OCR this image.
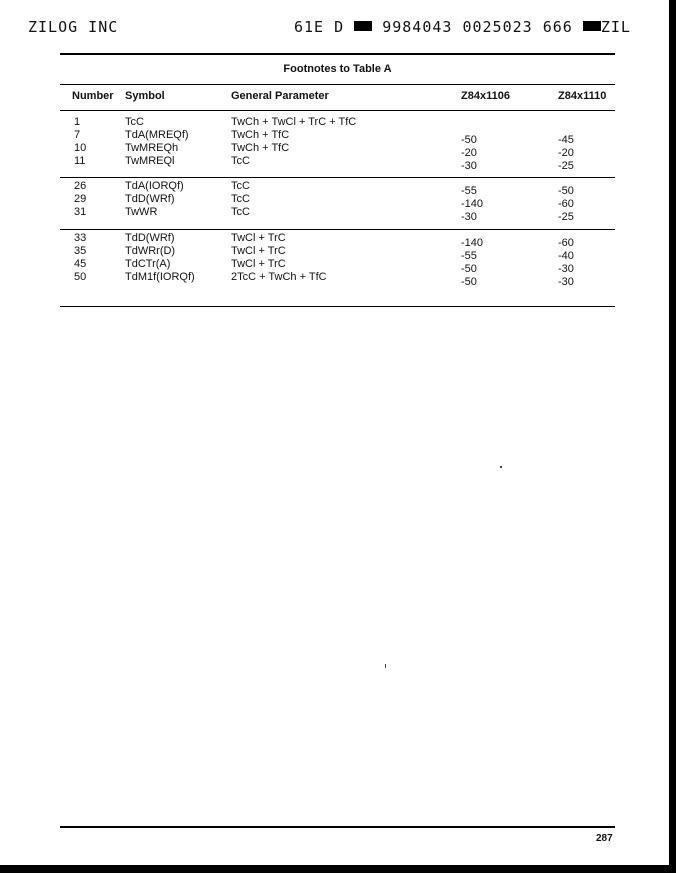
ZILOG INC	61E D	9984043 0025023 666 ZIL
Footnotes to Table A
Number Symbol	General Parameter	Z84x1106	Z84x1110
1	TcC	TwCh + TwCl + TrC + TfC
7	TdA(MREQf)	TwCh + TfC	-50	-45
10	TwMREQh	TwCh + TfC	-20	-20
11	TwMREQl	TcC	-30	-25
26	TdA(IORQf)	TcC	-55	-50
29	TdD(WRf)	TcC	-140	-60
31	TwWR	TcC	-30	-25
33	TdD(WRf)	TwCl + TrC	-140	-60
35	TdWRr(D)	TwCl + TrC	-55	-40
45	TdCTr(A)	TwCl + TrC	-50	-30
50	TdM1f(IORQf)	2TcC + TwCh + TfC	-50	-30
287
